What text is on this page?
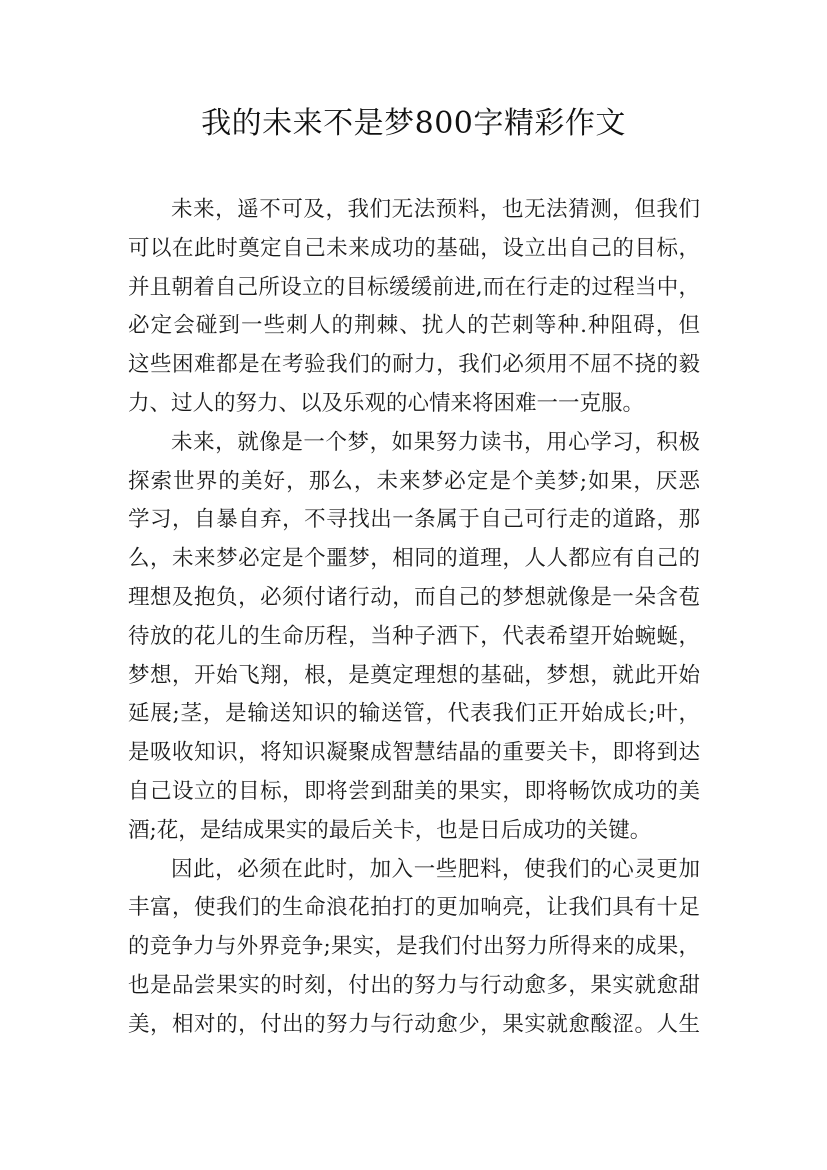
我的未来不是梦800字精彩作文
未来，遥不可及，我们无法预料，也无法猜测，但我们
可以在此时奠定自己未来成功的基础，设立出自己的目标，
并且朝着自己所设立的目标缓缓前进,而在行走的过程当中，
必定会碰到一些刺人的荆棘、扰人的芒刺等种.种阻碍，但
这些困难都是在考验我们的耐力，我们必须用不屈不挠的毅
力、过人的努力、以及乐观的心情来将困难一一克服。
未来，就像是一个梦，如果努力读书，用心学习，积极
探索世界的美好，那么，未来梦必定是个美梦;如果，厌恶
学习，自暴自弃，不寻找出一条属于自己可行走的道路，那
么，未来梦必定是个噩梦，相同的道理，人人都应有自己的
理想及抱负，必须付诸行动，而自己的梦想就像是一朵含苞
待放的花儿的生命历程，当种子洒下，代表希望开始蜿蜒，
梦想，开始飞翔，根，是奠定理想的基础，梦想，就此开始
延展;茎，是输送知识的输送管，代表我们正开始成长;叶，
是吸收知识，将知识凝聚成智慧结晶的重要关卡，即将到达
自己设立的目标，即将尝到甜美的果实，即将畅饮成功的美
酒;花，是结成果实的最后关卡，也是日后成功的关键。
因此，必须在此时，加入一些肥料，使我们的心灵更加
丰富，使我们的生命浪花拍打的更加响亮，让我们具有十足
的竞争力与外界竞争;果实，是我们付出努力所得来的成果，
也是品尝果实的时刻，付出的努力与行动愈多，果实就愈甜
美，相对的，付出的努力与行动愈少，果实就愈酸涩。人生
